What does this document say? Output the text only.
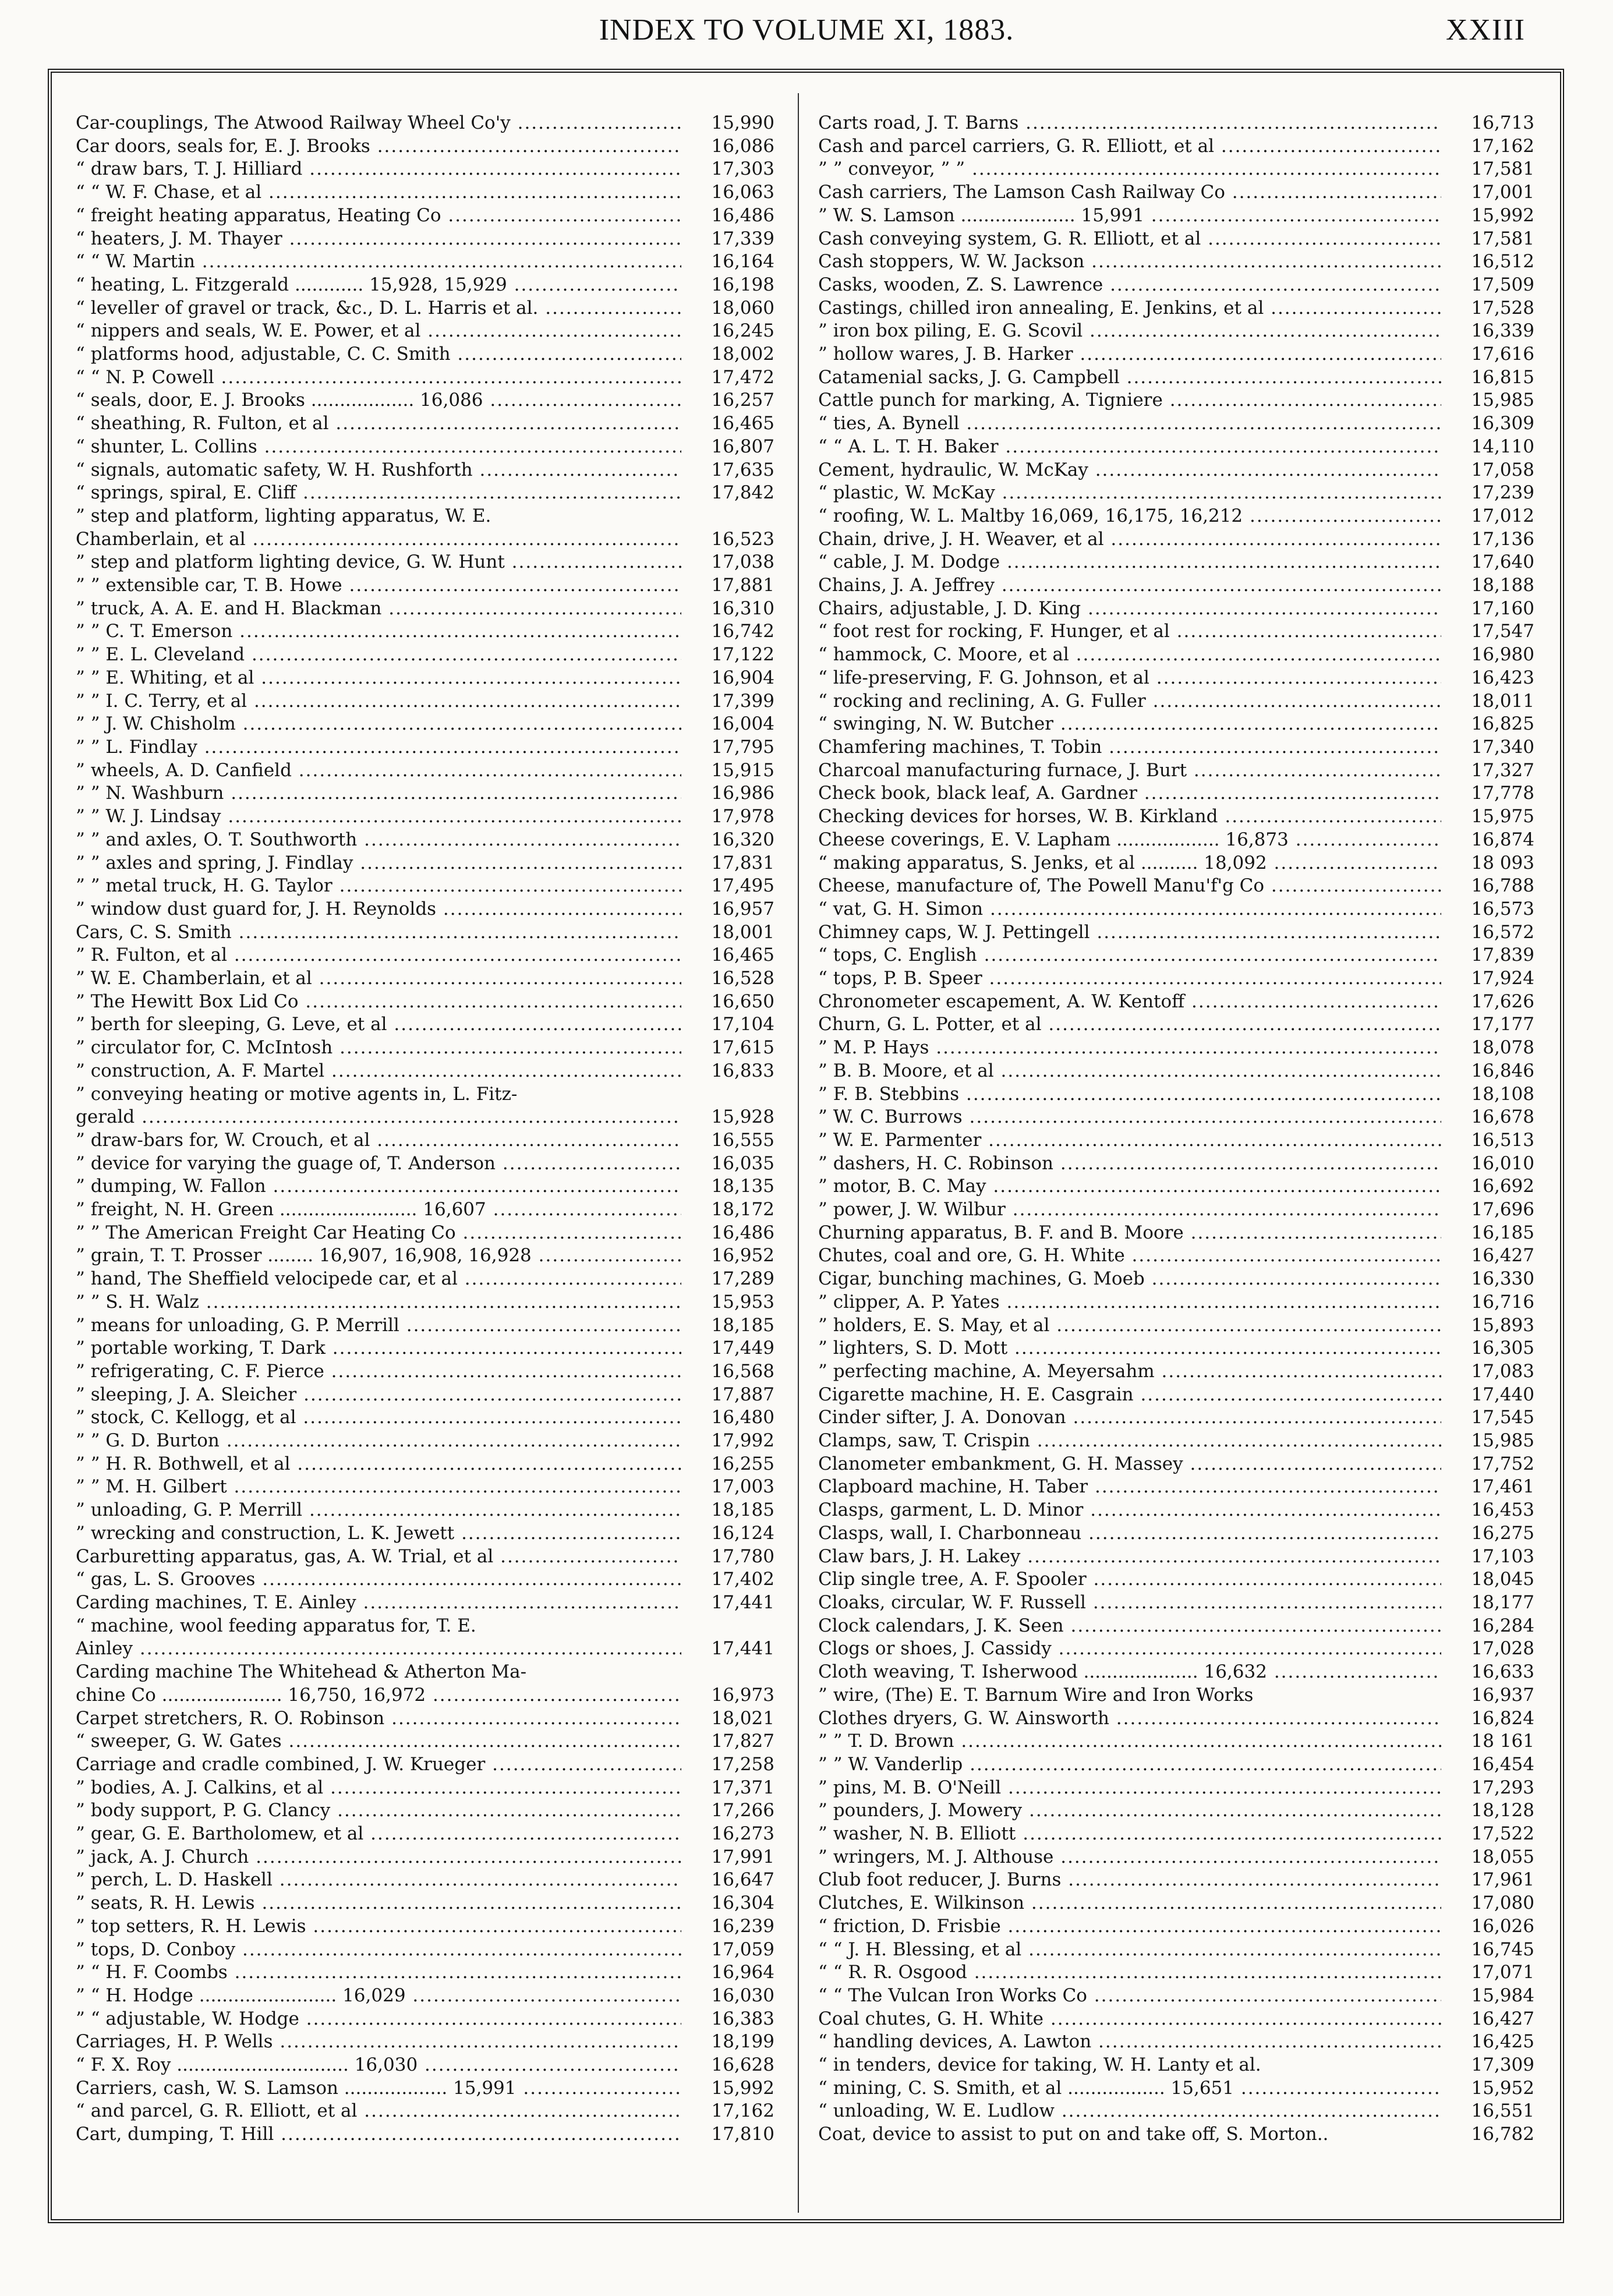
INDEX TO VOLUME XI, 1883.	XXIII
Car-couplings, The Atwood Railway Wheel Co'y .....	15,990
Car doors, seals for, E. J. Brooks .....	16,086
“ draw bars, T. J. Hilliard .....	17,303
“ “ W. F. Chase, et al .....	16,063
“ freight heating apparatus, Heating Co .....	16,486
“ heaters, J. M. Thayer .....	17,339
“ “ W. Martin .....	16,164
“ heating, L. Fitzgerald ............ 15,928, 15,929 .....	16,198
“ leveller of gravel or track, &c., D. L. Harris et al. .....	18,060
“ nippers and seals, W. E. Power, et al .....	16,245
“ platforms hood, adjustable, C. C. Smith .....	18,002
“ “ N. P. Cowell .....	17,472
“ seals, door, E. J. Brooks .................. 16,086 .....	16,257
“ sheathing, R. Fulton, et al .....	16,465
“ shunter, L. Collins .....	16,807
“ signals, automatic safety, W. H. Rushforth .....	17,635
“ springs, spiral, E. Cliff .....	17,842
” step and platform, lighting apparatus, W. E.
Chamberlain, et al .....	16,523
” step and platform lighting device, G. W. Hunt .....	17,038
” ” extensible car, T. B. Howe .....	17,881
” truck, A. A. E. and H. Blackman .....	16,310
” ” C. T. Emerson .....	16,742
” ” E. L. Cleveland .....	17,122
” ” E. Whiting, et al .....	16,904
” ” I. C. Terry, et al .....	17,399
” ” J. W. Chisholm .....	16,004
” ” L. Findlay .....	17,795
” wheels, A. D. Canfield .....	15,915
” ” N. Washburn .....	16,986
” ” W. J. Lindsay .....	17,978
” ” and axles, O. T. Southworth .....	16,320
” ” axles and spring, J. Findlay .....	17,831
” ” metal truck, H. G. Taylor .....	17,495
” window dust guard for, J. H. Reynolds .....	16,957
Cars, C. S. Smith .....	18,001
” R. Fulton, et al .....	16,465
” W. E. Chamberlain, et al .....	16,528
” The Hewitt Box Lid Co .....	16,650
” berth for sleeping, G. Leve, et al .....	17,104
” circulator for, C. McIntosh .....	17,615
” construction, A. F. Martel .....	16,833
” conveying heating or motive agents in, L. Fitz-
gerald .....	15,928
” draw-bars for, W. Crouch, et al .....	16,555
” device for varying the guage of, T. Anderson .....	16,035
” dumping, W. Fallon .....	18,135
” freight, N. H. Green ........................ 16,607 .....	18,172
” ” The American Freight Car Heating Co .....	16,486
” grain, T. T. Prosser ........ 16,907, 16,908, 16,928 .....	16,952
” hand, The Sheffield velocipede car, et al .....	17,289
” ” S. H. Walz .....	15,953
” means for unloading, G. P. Merrill .....	18,185
” portable working, T. Dark .....	17,449
” refrigerating, C. F. Pierce .....	16,568
” sleeping, J. A. Sleicher .....	17,887
” stock, C. Kellogg, et al .....	16,480
” ” G. D. Burton .....	17,992
” ” H. R. Bothwell, et al .....	16,255
” ” M. H. Gilbert .....	17,003
” unloading, G. P. Merrill .....	18,185
” wrecking and construction, L. K. Jewett .....	16,124
Carburetting apparatus, gas, A. W. Trial, et al .....	17,780
“ gas, L. S. Grooves .....	17,402
Carding machines, T. E. Ainley .....	17,441
“ machine, wool feeding apparatus for, T. E.
Ainley .....	17,441
Carding machine The Whitehead & Atherton Ma-
chine Co ..................... 16,750, 16,972 .....	16,973
Carpet stretchers, R. O. Robinson .....	18,021
“ sweeper, G. W. Gates .....	17,827
Carriage and cradle combined, J. W. Krueger .....	17,258
” bodies, A. J. Calkins, et al .....	17,371
” body support, P. G. Clancy .....	17,266
” gear, G. E. Bartholomew, et al .....	16,273
” jack, A. J. Church .....	17,991
” perch, L. D. Haskell .....	16,647
” seats, R. H. Lewis .....	16,304
” top setters, R. H. Lewis .....	16,239
” tops, D. Conboy .....	17,059
” “ H. F. Coombs .....	16,964
” “ H. Hodge ........................ 16,029 .....	16,030
” “ adjustable, W. Hodge .....	16,383
Carriages, H. P. Wells .....	18,199
“ F. X. Roy .............................. 16,030 .....	16,628
Carriers, cash, W. S. Lamson .................. 15,991 .....	15,992
“ and parcel, G. R. Elliott, et al .....	17,162
Cart, dumping, T. Hill .....	17,810
Carts road, J. T. Barns .....	16,713
Cash and parcel carriers, G. R. Elliott, et al .....	17,162
” ” conveyor, ” ” .....	17,581
Cash carriers, The Lamson Cash Railway Co .....	17,001
” W. S. Lamson .................... 15,991 .....	15,992
Cash conveying system, G. R. Elliott, et al .....	17,581
Cash stoppers, W. W. Jackson .....	16,512
Casks, wooden, Z. S. Lawrence .....	17,509
Castings, chilled iron annealing, E. Jenkins, et al .....	17,528
” iron box piling, E. G. Scovil .....	16,339
” hollow wares, J. B. Harker .....	17,616
Catamenial sacks, J. G. Campbell .....	16,815
Cattle punch for marking, A. Tigniere .....	15,985
“ ties, A. Bynell .....	16,309
“ “ A. L. T. H. Baker .....	14,110
Cement, hydraulic, W. McKay .....	17,058
“ plastic, W. McKay .....	17,239
“ roofing, W. L. Maltby 16,069, 16,175, 16,212 .....	17,012
Chain, drive, J. H. Weaver, et al .....	17,136
“ cable, J. M. Dodge .....	17,640
Chains, J. A. Jeffrey .....	18,188
Chairs, adjustable, J. D. King .....	17,160
“ foot rest for rocking, F. Hunger, et al .....	17,547
“ hammock, C. Moore, et al .....	16,980
“ life-preserving, F. G. Johnson, et al .....	16,423
“ rocking and reclining, A. G. Fuller .....	18,011
“ swinging, N. W. Butcher .....	16,825
Chamfering machines, T. Tobin .....	17,340
Charcoal manufacturing furnace, J. Burt .....	17,327
Check book, black leaf, A. Gardner .....	17,778
Checking devices for horses, W. B. Kirkland .....	15,975
Cheese coverings, E. V. Lapham .................. 16,873 .....	16,874
“ making apparatus, S. Jenks, et al .......... 18,092 .....	18 093
Cheese, manufacture of, The Powell Manu'f'g Co .....	16,788
“ vat, G. H. Simon .....	16,573
Chimney caps, W. J. Pettingell .....	16,572
“ tops, C. English .....	17,839
“ tops, P. B. Speer .....	17,924
Chronometer escapement, A. W. Kentoff .....	17,626
Churn, G. L. Potter, et al .....	17,177
” M. P. Hays .....	18,078
” B. B. Moore, et al .....	16,846
” F. B. Stebbins .....	18,108
” W. C. Burrows .....	16,678
” W. E. Parmenter .....	16,513
” dashers, H. C. Robinson .....	16,010
” motor, B. C. May .....	16,692
” power, J. W. Wilbur .....	17,696
Churning apparatus, B. F. and B. Moore .....	16,185
Chutes, coal and ore, G. H. White .....	16,427
Cigar, bunching machines, G. Moeb .....	16,330
” clipper, A. P. Yates .....	16,716
” holders, E. S. May, et al .....	15,893
” lighters, S. D. Mott .....	16,305
” perfecting machine, A. Meyersahm .....	17,083
Cigarette machine, H. E. Casgrain .....	17,440
Cinder sifter, J. A. Donovan .....	17,545
Clamps, saw, T. Crispin .....	15,985
Clanometer embankment, G. H. Massey .....	17,752
Clapboard machine, H. Taber .....	17,461
Clasps, garment, L. D. Minor .....	16,453
Clasps, wall, I. Charbonneau .....	16,275
Claw bars, J. H. Lakey .....	17,103
Clip single tree, A. F. Spooler .....	18,045
Cloaks, circular, W. F. Russell .....	18,177
Clock calendars, J. K. Seen .....	16,284
Clogs or shoes, J. Cassidy .....	17,028
Cloth weaving, T. Isherwood .................... 16,632 .....	16,633
” wire, (The) E. T. Barnum Wire and Iron Works	16,937
Clothes dryers, G. W. Ainsworth .....	16,824
” ” T. D. Brown .....	18 161
” ” W. Vanderlip .....	16,454
” pins, M. B. O'Neill .....	17,293
” pounders, J. Mowery .....	18,128
” washer, N. B. Elliott .....	17,522
” wringers, M. J. Althouse .....	18,055
Club foot reducer, J. Burns .....	17,961
Clutches, E. Wilkinson .....	17,080
“ friction, D. Frisbie .....	16,026
“ “ J. H. Blessing, et al .....	16,745
“ “ R. R. Osgood .....	17,071
“ “ The Vulcan Iron Works Co .....	15,984
Coal chutes, G. H. White .....	16,427
“ handling devices, A. Lawton .....	16,425
“ in tenders, device for taking, W. H. Lanty et al.	17,309
“ mining, C. S. Smith, et al ................. 15,651 .....	15,952
“ unloading, W. E. Ludlow .....	16,551
Coat, device to assist to put on and take off, S. Morton..	16,782
